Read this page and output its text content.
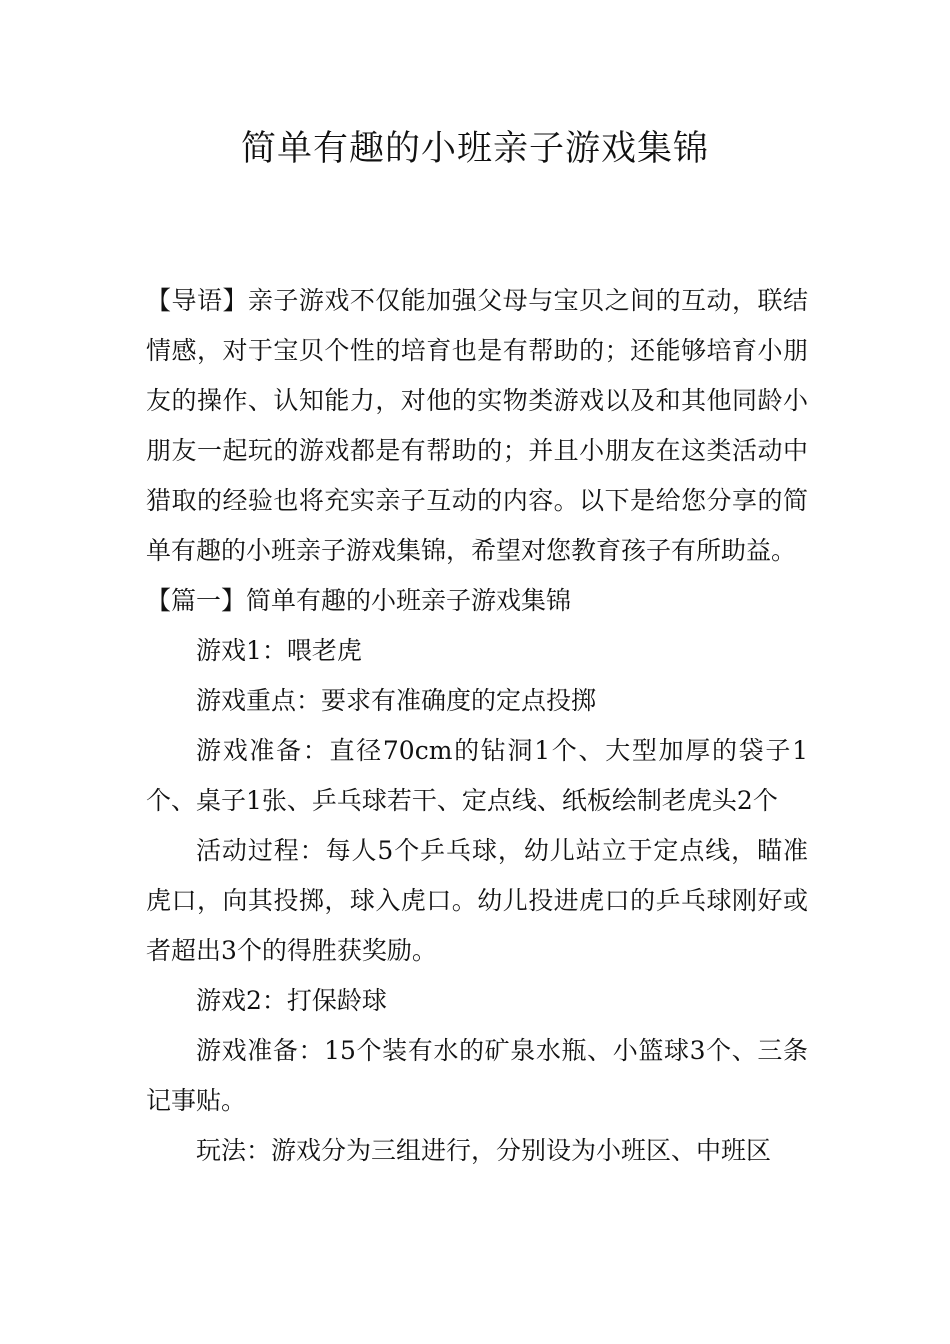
简单有趣的小班亲子游戏集锦

【导语】亲子游戏不仅能加强父母与宝贝之间的互动，联结情感，对于宝贝个性的培育也是有帮助的；还能够培育小朋友的操作、认知能力，对他的实物类游戏以及和其他同龄小朋友一起玩的游戏都是有帮助的；并且小朋友在这类活动中猎取的经验也将充实亲子互动的内容。以下是给您分享的简单有趣的小班亲子游戏集锦，希望对您教育孩子有所助益。

【篇一】简单有趣的小班亲子游戏集锦

游戏1：喂老虎

游戏重点：要求有准确度的定点投掷

游戏准备：直径70cm的钻洞1个、大型加厚的袋子1个、桌子1张、乒乓球若干、定点线、纸板绘制老虎头2个

活动过程：每人5个乒乓球，幼儿站立于定点线，瞄准虎口，向其投掷，球入虎口。幼儿投进虎口的乒乓球刚好或者超出3个的得胜获奖励。

游戏2：打保龄球

游戏准备：15个装有水的矿泉水瓶、小篮球3个、三条记事贴。

玩法：游戏分为三组进行，分别设为小班区、中班区
